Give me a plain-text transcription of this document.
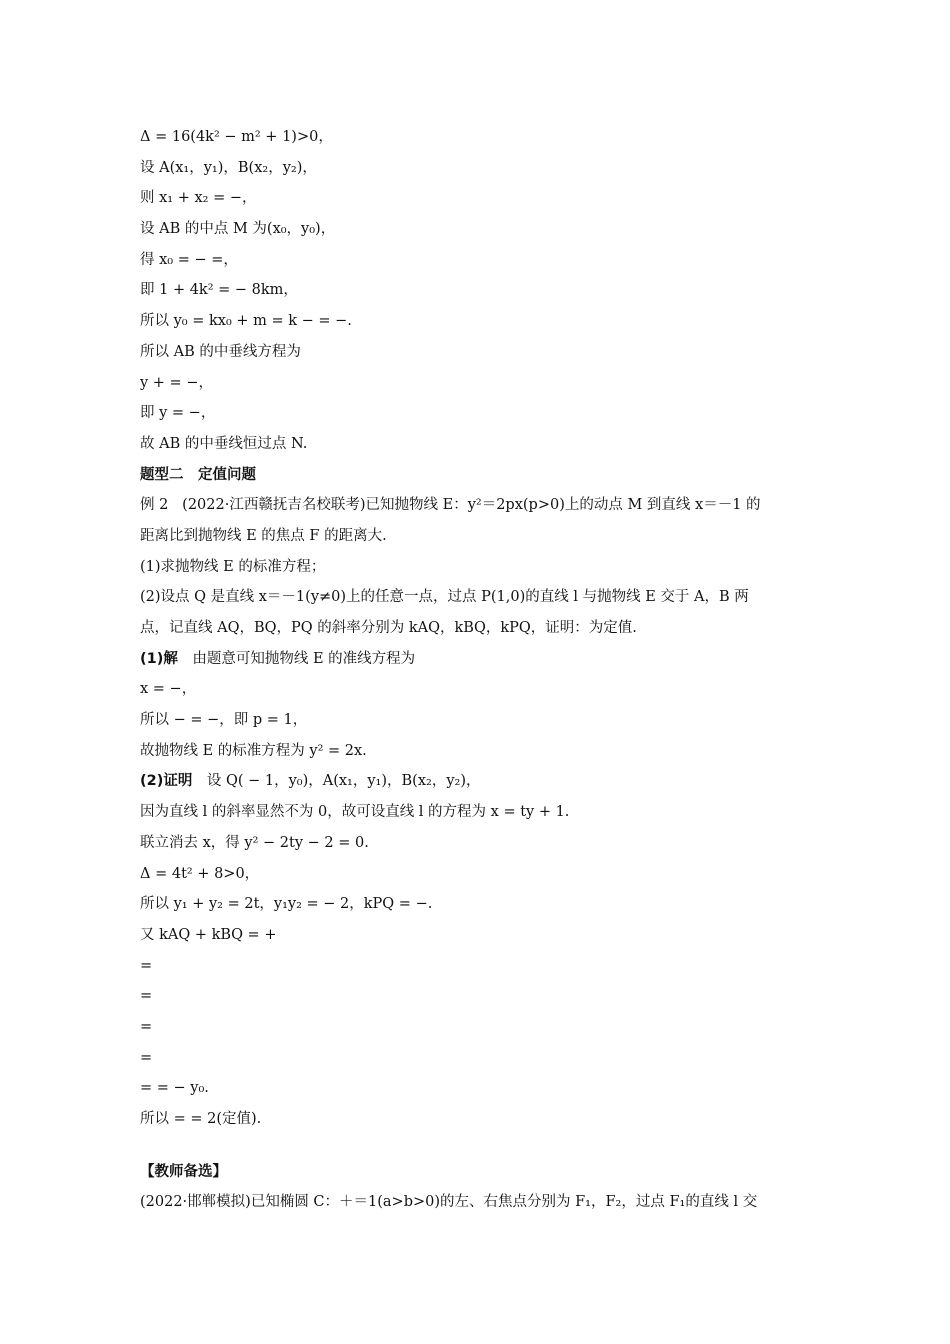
Δ = 16(4k² − m² + 1)>0，
设 A(x₁，y₁)，B(x₂，y₂)，
则 x₁ + x₂ = −，
设 AB 的中点 M 为(x₀，y₀)，
得 x₀ = − =，
即 1 + 4k² = − 8km，
所以 y₀ = kx₀ + m = k − = −.
所以 AB 的中垂线方程为
y + = −，
即 y = −，
故 AB 的中垂线恒过点 N.
题型二　定值问题
例 2 (2022·江西赣抚吉名校联考)已知抛物线 E：y²＝2px(p>0)上的动点 M 到直线 x＝－1 的
距离比到抛物线 E 的焦点 F 的距离大.
(1)求抛物线 E 的标准方程；
(2)设点 Q 是直线 x＝－1(y≠0)上的任意一点，过点 P(1,0)的直线 l 与抛物线 E 交于 A，B 两
点，记直线 AQ，BQ，PQ 的斜率分别为 kAQ，kBQ，kPQ，证明：为定值.
(1)解　由题意可知抛物线 E 的准线方程为
x = −，
所以 − = −，即 p = 1，
故抛物线 E 的标准方程为 y² = 2x.
(2)证明　设 Q( − 1，y₀)，A(x₁，y₁)，B(x₂，y₂)，
因为直线 l 的斜率显然不为 0，故可设直线 l 的方程为 x = ty + 1.
联立消去 x，得 y² − 2ty − 2 = 0.
Δ = 4t² + 8>0，
所以 y₁ + y₂ = 2t，y₁y₂ = − 2，kPQ = −.
又 kAQ + kBQ = +
=
=
=
=
= = − y₀.
所以 = = 2(定值).
【教师备选】
(2022·邯郸模拟)已知椭圆 C：＋＝1(a>b>0)的左、右焦点分别为 F₁，F₂，过点 F₁的直线 l 交
